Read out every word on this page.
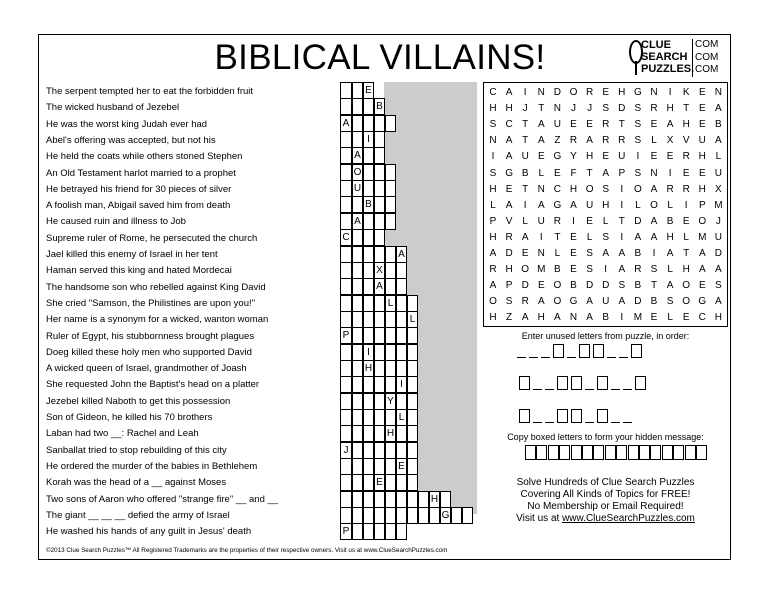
BIBLICAL VILLAINS!	CLUE
SEARCH
PUZZLES.
COM
COM
COM
The serpent tempted her to eat the forbidden fruit
The wicked husband of Jezebel
He was the worst king Judah ever had
Abel's offering was accepted, but not his
He held the coats while others stoned Stephen
An Old Testament harlot married to a prophet
He betrayed his friend for 30 pieces of silver
A foolish man, Abigail saved him from death
He caused ruin and illness to Job
Supreme ruler of Rome, he persecuted the church
Jael killed this enemy of Israel in her tent
Haman served this king and hated Mordecai
The handsome son who rebelled against King David
She cried "Samson, the Philistines are upon you!"
Her name is a synonym for a wicked, wanton woman
Ruler of Egypt, his stubbornness brought plagues
Doeg killed these holy men who supported David
A wicked queen of Israel, grandmother of Joash
She requested John the Baptist's head on a platter
Jezebel killed Naboth to get this possession
Son of Gideon, he killed his 70 brothers
Laban had two __: Rachel and Leah
Sanballat tried to stop rebuilding of this city
He ordered the murder of the babies in Bethlehem
Korah was the head of a __ against Moses
Two sons of Aaron who offered "strange fire" __ and __
The giant __ __ __ defied the army of Israel
He washed his hands of any guilt in Jesus' death
E
B
A
I
A
O
U
B
A
C
A
X
A
L
L
P
I
H
I
Y
L
H
J
E
E
H
G
P
C A	I	N D O R E H G N	I	K E N
H H J	T N	J	J	S D S R H T E A
S C T A U E E R T S E A H E B
N A T A Z R A R R S	L X V U A
I	A U E G Y H E U	I	E E R H L
S G B	L E F T A P S N	I	E E U
H E T N C H O S	I	O A R R H X
L A	I	A G A U H	I	L O L	I	P M
P V L U R	I	E L	T D A B E O J
H R A	I	T E L S	I	A A H L M U
A D E N L E S A A B	I	A T A D
R H O M B E S	I	A R S L H A A
A P D E O B D D S B T A O E S
O S R A O G A U A D B S O G A
H Z A H A N A B	I	M E L E C H
Enter unused letters from puzzle, in order:
Copy boxed letters to form your hidden message:
Solve Hundreds of Clue Search Puzzles
Covering All Kinds of Topics for FREE!
No Membership or Email Required!
Visit us at www.ClueSearchPuzzles.com
©2013 Clue Search Puzzles™ All Registered Trademarks are the properties of their respective owners. Visit us at www.ClueSearchPuzzles.com
